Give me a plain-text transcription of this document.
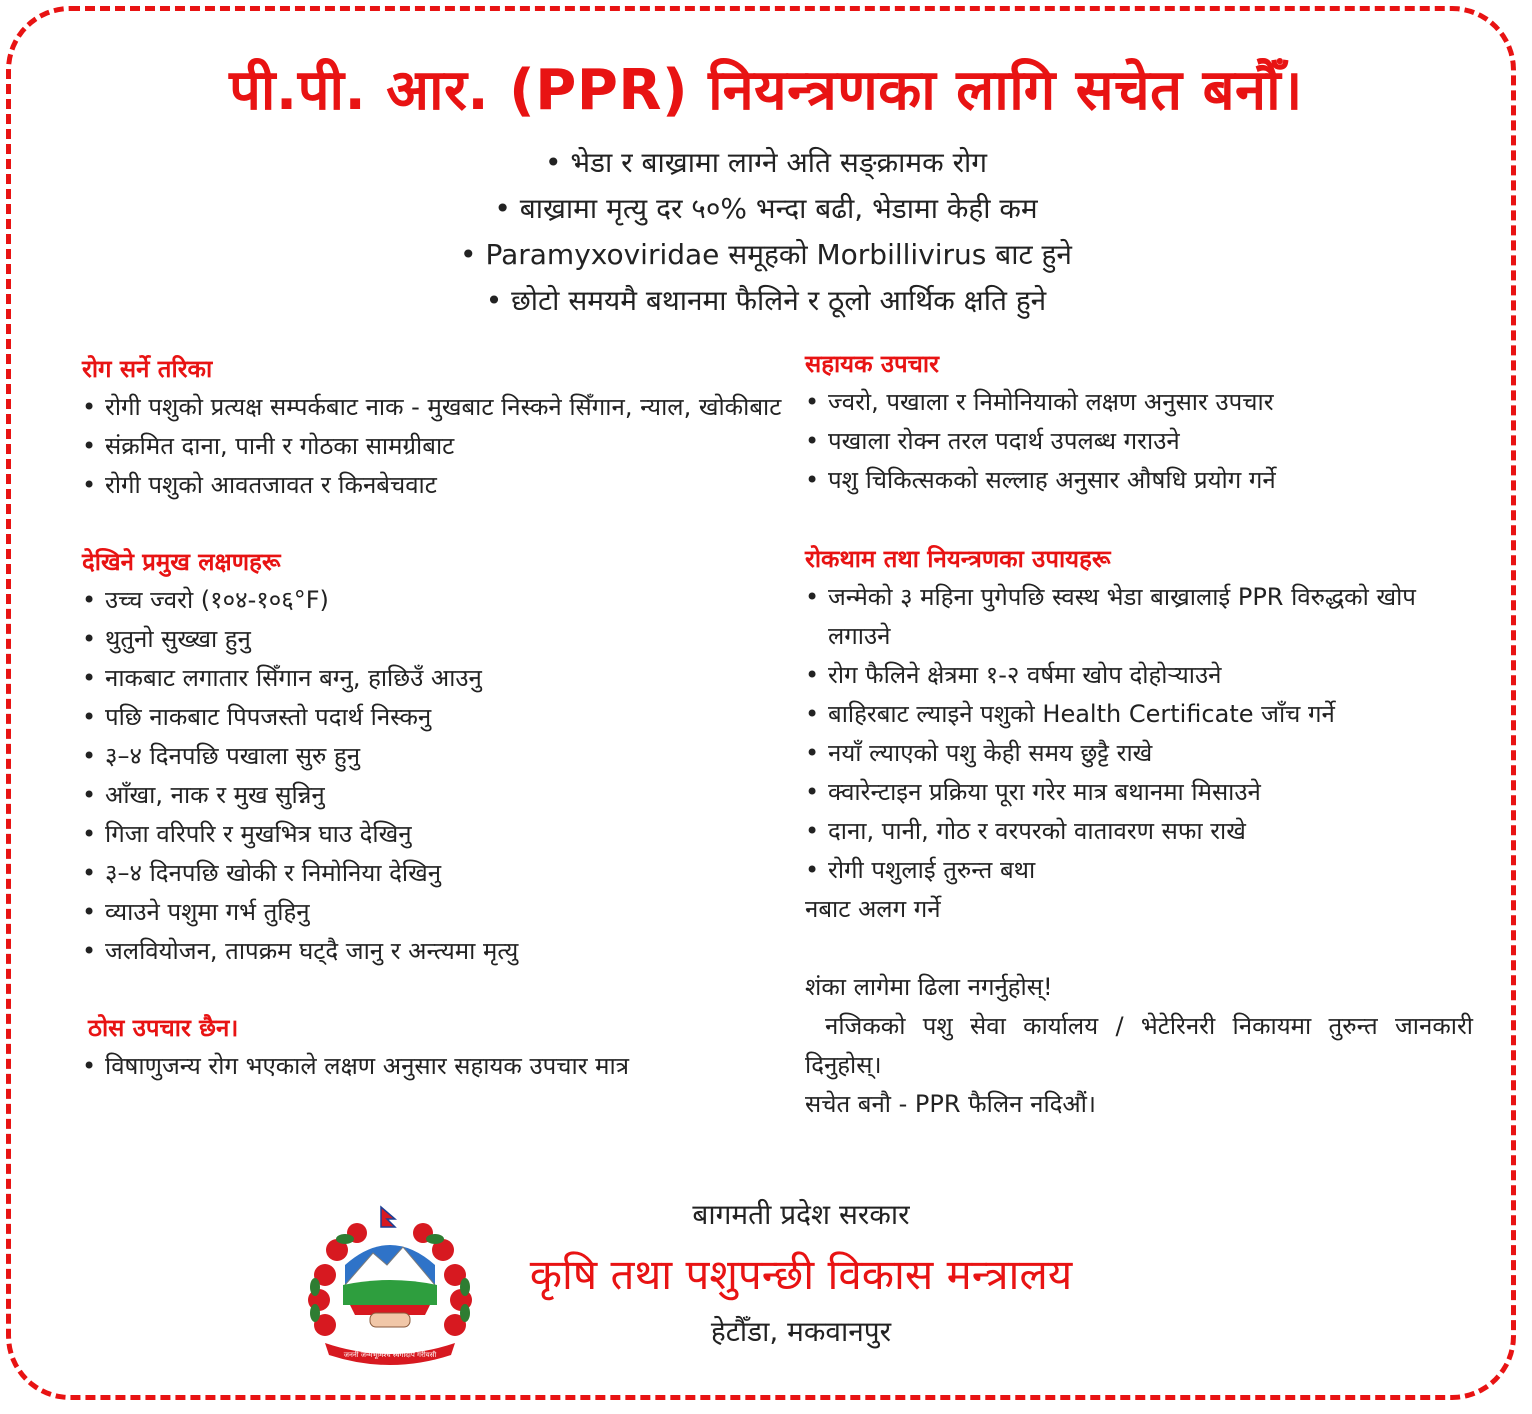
पी.पी. आर. (PPR) नियन्त्रणका लागि सचेत बनौँ।
• भेडा र बाख्रामा लाग्ने अति सङ्क्रामक रोग
• बाख्रामा मृत्यु दर ५०% भन्दा बढी, भेडामा केही कम
• Paramyxoviridae समूहको Morbillivirus बाट हुने
• छोटो समयमै बथानमा फैलिने र ठूलो आर्थिक क्षति हुने
रोग सर्ने तरिका
• रोगी पशुको प्रत्यक्ष सम्पर्कबाट नाक - मुखबाट निस्कने सिँगान, न्याल, खोकीबाट
• संक्रमित दाना, पानी र गोठका सामग्रीबाट
• रोगी पशुको आवतजावत र किनबेचवाट
देखिने प्रमुख लक्षणहरू
• उच्च ज्वरो (१०४-१०६°F)
• थुतुनो सुख्खा हुनु
• नाकबाट लगातार सिँगान बग्नु, हाछिउँ आउनु
• पछि नाकबाट पिपजस्तो पदार्थ निस्कनु
• ३–४ दिनपछि पखाला सुरु हुनु
• आँखा, नाक र मुख सुन्निनु
• गिजा वरिपरि र मुखभित्र घाउ देखिनु
• ३–४ दिनपछि खोकी र निमोनिया देखिनु
• व्याउने पशुमा गर्भ तुहिनु
• जलवियोजन, तापक्रम घट्दै जानु र अन्त्यमा मृत्यु
ठोस उपचार छैन।
• विषाणुजन्य रोग भएकाले लक्षण अनुसार सहायक उपचार मात्र
सहायक उपचार
• ज्वरो, पखाला र निमोनियाको लक्षण अनुसार उपचार
• पखाला रोक्न तरल पदार्थ उपलब्ध गराउने
• पशु चिकित्सकको सल्लाह अनुसार औषधि प्रयोग गर्ने
रोकथाम तथा नियन्त्रणका उपायहरू
• जन्मेको ३ महिना पुगेपछि स्वस्थ भेडा बाख्रालाई PPR विरुद्धको खोप लगाउने
• रोग फैलिने क्षेत्रमा १-२ वर्षमा खोप दोहोऱ्याउने
• बाहिरबाट ल्याइने पशुको Health Certificate जाँच गर्ने
• नयाँ ल्याएको पशु केही समय छुट्टै राखे
• क्वारेन्टाइन प्रक्रिया पूरा गरेर मात्र बथानमा मिसाउने
• दाना, पानी, गोठ र वरपरको वातावरण सफा राखे
• रोगी पशुलाई तुरुन्त बथा

नबाट अलग गर्ने

शंका लागेमा ढिला नगर्नुहोस्!

नजिकको पशु सेवा कार्यालय / भेटेरिनरी निकायमा तुरुन्त जानकारी दिनुहोस्।

सचेत बनौ - PPR फैलिन नदिऔं।

जननी जन्मभूमिश्च स्वर्गादपि गरीयसी
बागमती प्रदेश सरकार
कृषि तथा पशुपन्छी विकास मन्त्रालय
हेटौँडा, मकवानपुर
